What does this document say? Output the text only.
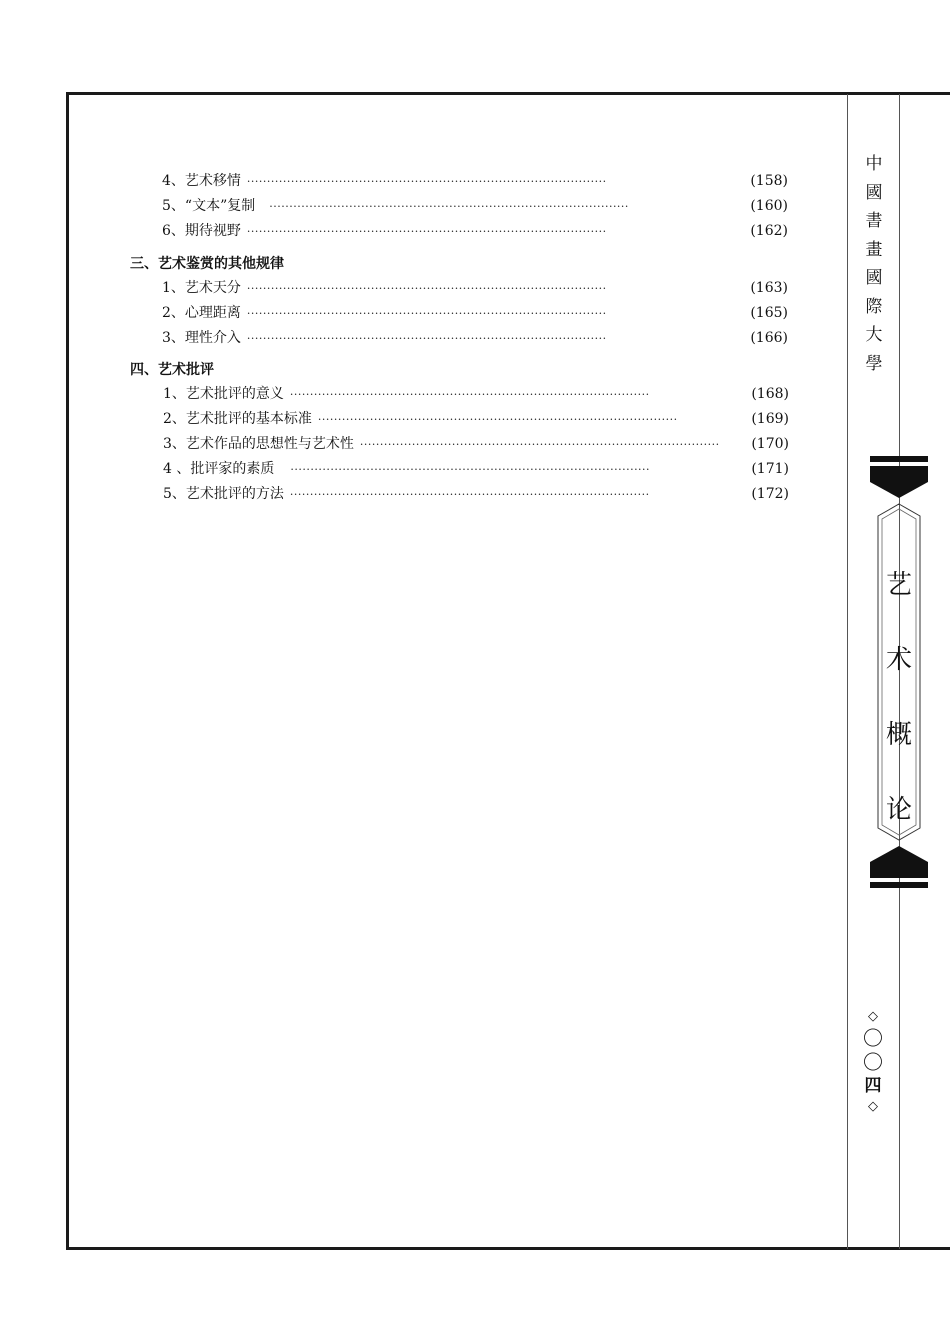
4、艺术移情 ··························································································	(158)
5、“文本”复制 ··························································································	(160)
6、期待视野 ··························································································	(162)
三、艺术鉴赏的其他规律
1、艺术天分 ··························································································	(163)
2、心理距离 ··························································································	(165)
3、理性介入 ··························································································	(166)
四、艺术批评
1、艺术批评的意义 ··························································································	(168)
2、艺术批评的基本标准 ··························································································	(169)
3、艺术作品的思想性与艺术性 ··························································································	(170)
4 、批评家的素质 ··························································································	(171)
5、艺术批评的方法 ··························································································	(172)
中
國
書
畫
國
際
大
學
艺
术
概
论
◇
〇
〇
四
◇
